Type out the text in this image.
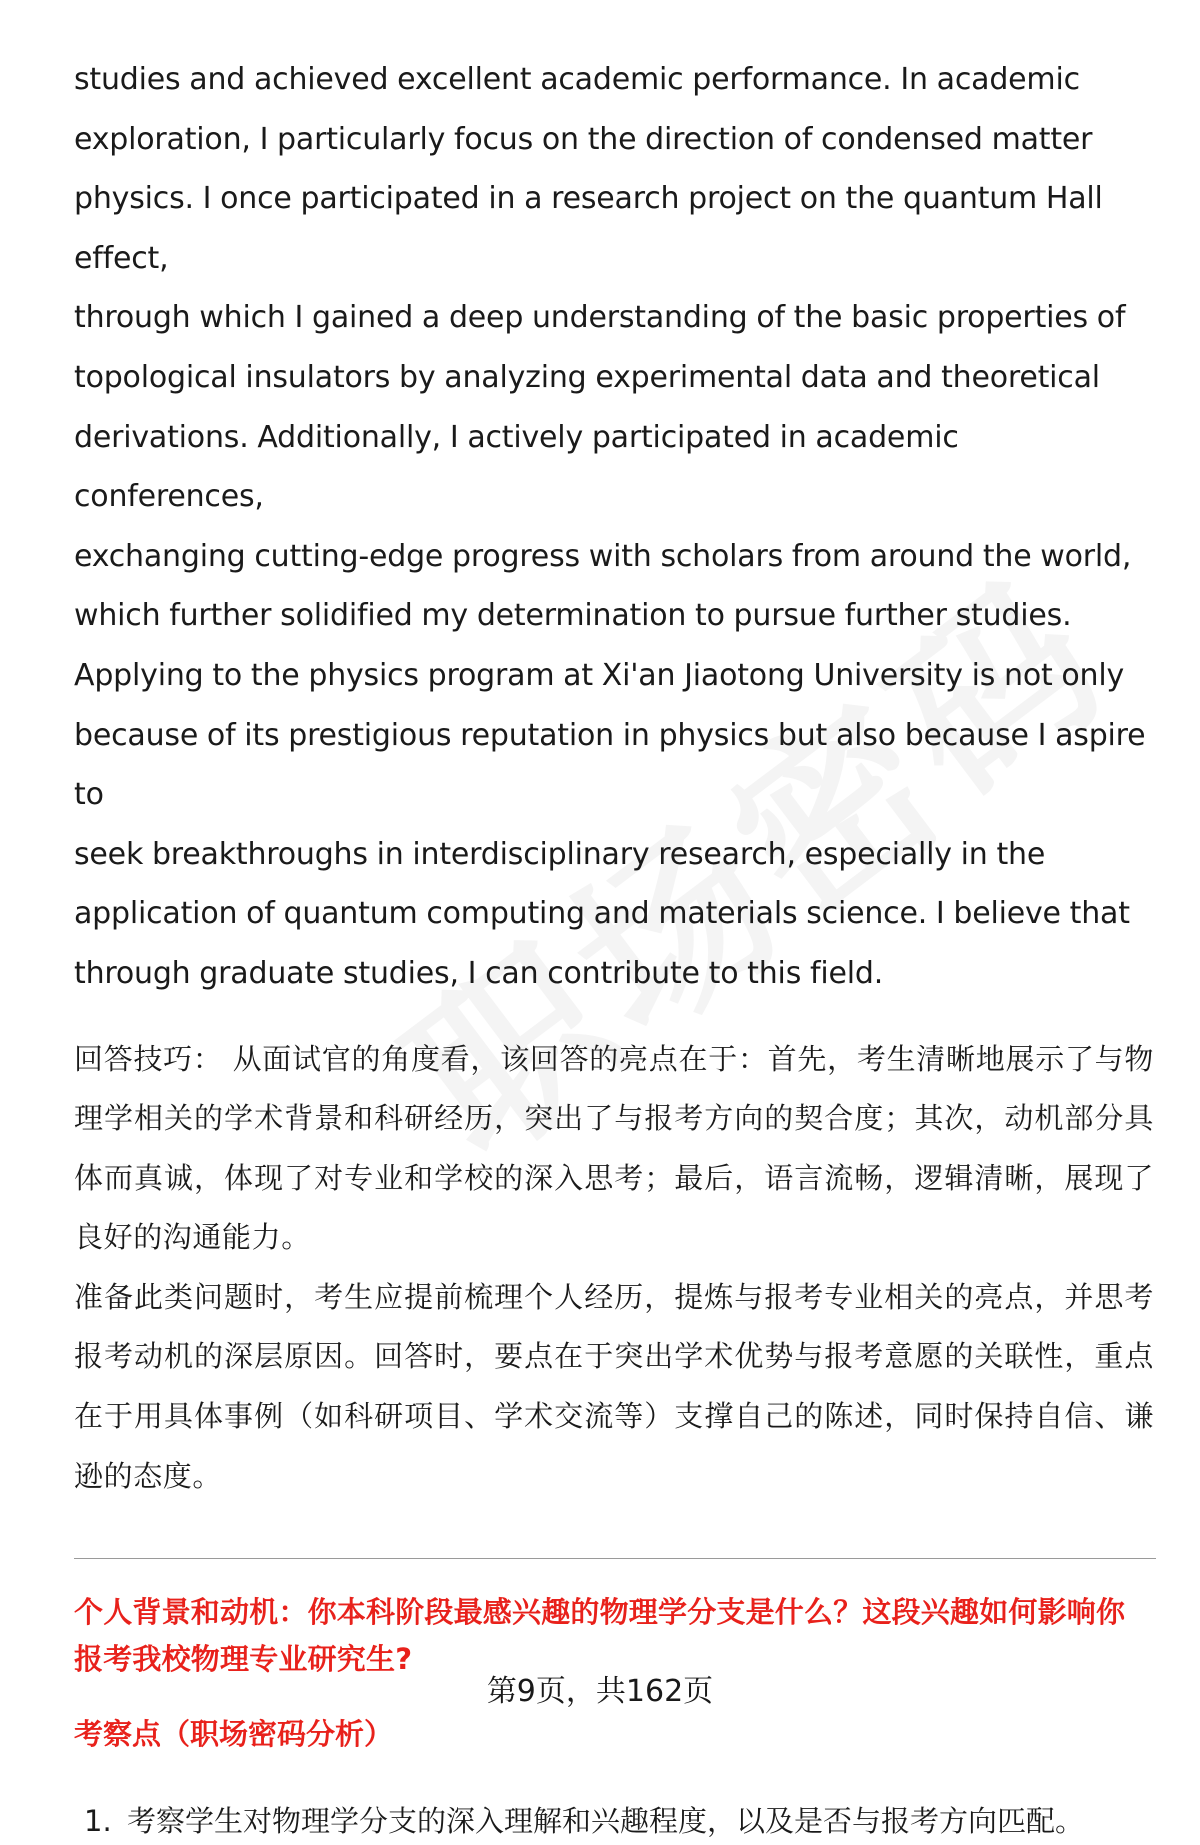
studies and achieved excellent academic performance. In academic

exploration, I particularly focus on the direction of condensed matter

physics. I once participated in a research project on the quantum Hall effect,

through which I gained a deep understanding of the basic properties of

topological insulators by analyzing experimental data and theoretical

derivations. Additionally, I actively participated in academic conferences,

exchanging cutting-edge progress with scholars from around the world,

which further solidified my determination to pursue further studies.

Applying to the physics program at Xi'an Jiaotong University is not only

because of its prestigious reputation in physics but also because I aspire to

seek breakthroughs in interdisciplinary research, especially in the

application of quantum computing and materials science. I believe that

through graduate studies, I can contribute to this field.

回答技巧： 从面试官的角度看，该回答的亮点在于：首先，考生清晰地展示了与物理学相关的学术背景和科研经历，突出了与报考方向的契合度；其次，动机部分具体而真诚，体现了对专业和学校的深入思考；最后，语言流畅，逻辑清晰，展现了良好的沟通能力。

准备此类问题时，考生应提前梳理个人经历，提炼与报考专业相关的亮点，并思考报考动机的深层原因。回答时，要点在于突出学术优势与报考意愿的关联性，重点在于用具体事例（如科研项目、学术交流等）支撑自己的陈述，同时保持自信、谦逊的态度。

个人背景和动机：你本科阶段最感兴趣的物理学分支是什么？这段兴趣如何影响你报考我校物理专业研究生?

考察点（职场密码分析）

1. 考察学生对物理学分支的深入理解和兴趣程度，以及是否与报考方向匹配。
第9页，共162页
